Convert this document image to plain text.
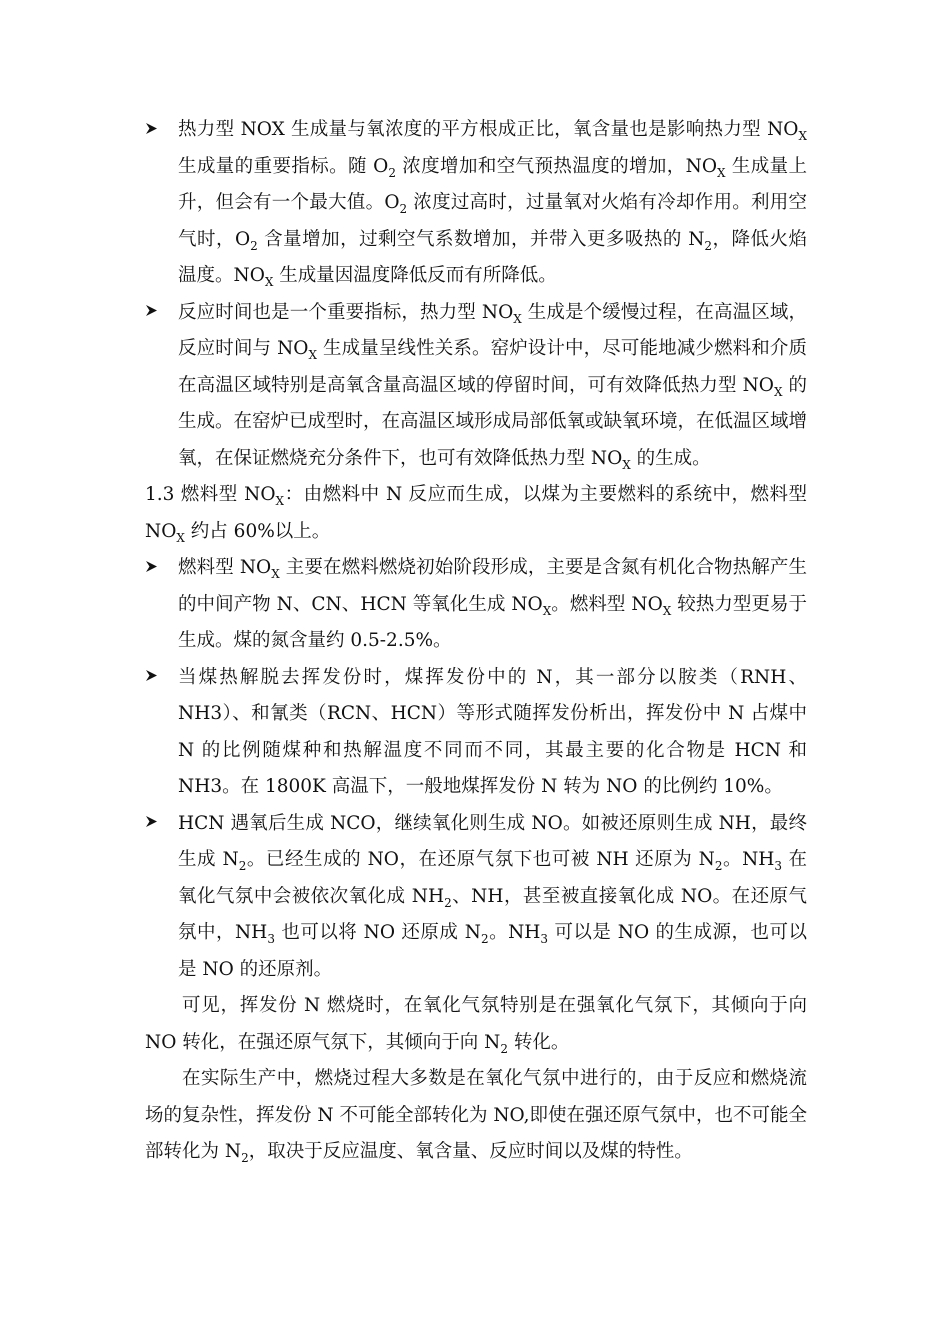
热力型 NOX 生成量与氧浓度的平方根成正比，氧含量也是影响热力型 $NO_X$生成量的重要指标。随 $O_2$ 浓度增加和空气预热温度的增加，$NO_X$ 生成量上升，但会有一个最大值。$O_2$ 浓度过高时，过量氧对火焰有冷却作用。利用空气时，$O_2$ 含量增加，过剩空气系数增加，并带入更多吸热的 $N_2$，降低火焰温度。$NO_X$ 生成量因温度降低反而有所降低。
反应时间也是一个重要指标，热力型 $NO_X$ 生成是个缓慢过程，在高温区域，反应时间与 $NO_X$ 生成量呈线性关系。窑炉设计中，尽可能地减少燃料和介质在高温区域特别是高氧含量高温区域的停留时间，可有效降低热力型 $NO_X$ 的生成。在窑炉已成型时，在高温区域形成局部低氧或缺氧环境，在低温区域增氧，在保证燃烧充分条件下，也可有效降低热力型 $NO_X$ 的生成。
1.3 燃料型 $NO_X$：由燃料中 N 反应而生成，以煤为主要燃料的系统中，燃料型 $NO_X$ 约占 60%以上。
燃料型 $NO_X$ 主要在燃料燃烧初始阶段形成，主要是含氮有机化合物热解产生的中间产物 N、CN、HCN 等氧化生成 $NO_X$。燃料型 $NO_X$ 较热力型更易于生成。煤的氮含量约 0.5-2.5%。
当煤热解脱去挥发份时，煤挥发份中的 N，其一部分以胺类（RNH、NH3）、和氰类（RCN、HCN）等形式随挥发份析出，挥发份中 N 占煤中 N 的比例随煤种和热解温度不同而不同，其最主要的化合物是 HCN 和 NH3。在 1800K 高温下，一般地煤挥发份 N 转为 NO 的比例约 10%。
HCN 遇氧后生成 NCO，继续氧化则生成 NO。如被还原则生成 NH，最终生成 $N_2$。已经生成的 NO，在还原气氛下也可被 NH 还原为 $N_2$。$NH_3$ 在氧化气氛中会被依次氧化成 $NH_2$、NH，甚至被直接氧化成 NO。在还原气氛中，$NH_3$ 也可以将 NO 还原成 $N_2$。$NH_3$ 可以是 NO 的生成源，也可以是 NO 的还原剂。
可见，挥发份 N 燃烧时，在氧化气氛特别是在强氧化气氛下，其倾向于向 NO 转化，在强还原气氛下，其倾向于向 $N_2$ 转化。
在实际生产中，燃烧过程大多数是在氧化气氛中进行的，由于反应和燃烧流场的复杂性，挥发份 N 不可能全部转化为 NO,即使在强还原气氛中，也不可能全部转化为 $N_2$，取决于反应温度、氧含量、反应时间以及煤的特性。
